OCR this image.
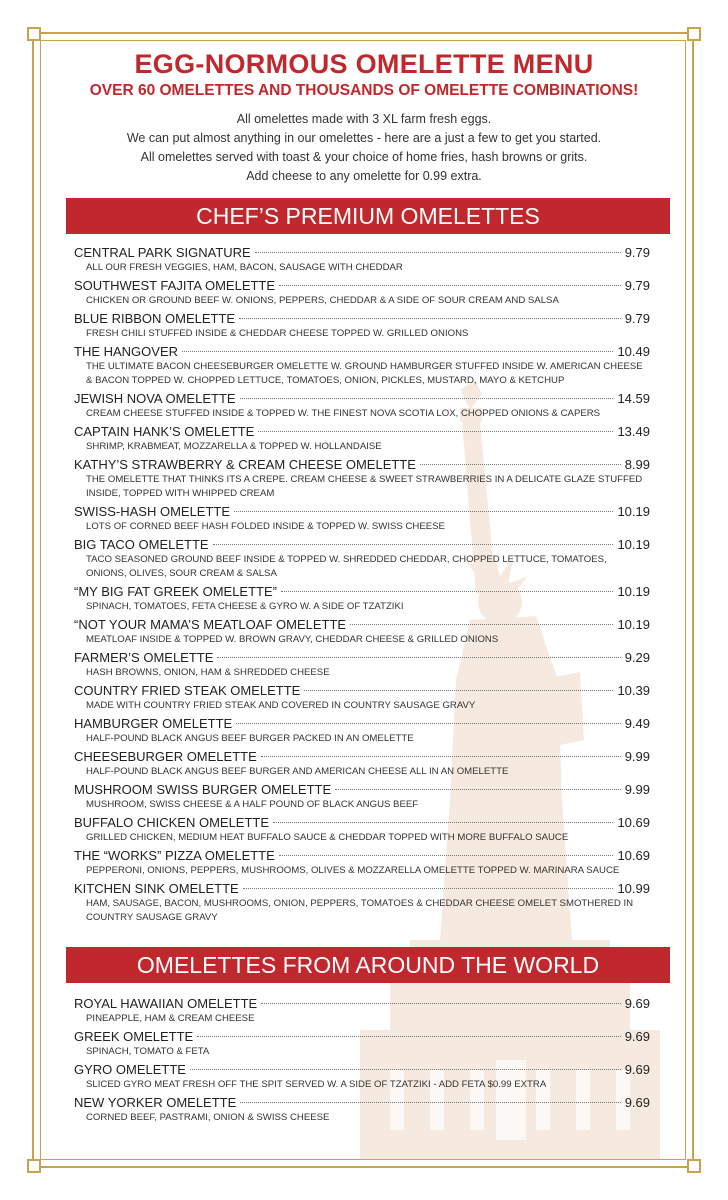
EGG-NORMOUS OMELETTE MENU
OVER 60 OMELETTES AND THOUSANDS OF OMELETTE COMBINATIONS!
All omelettes made with 3 XL farm fresh eggs.
We can put almost anything in our omelettes - here are a just a few to get you started.
All omelettes served with toast & your choice of home fries, hash browns or grits.
Add cheese to any omelette for 0.99 extra.
CHEF’S PREMIUM OMELETTES
CENTRAL PARK SIGNATURE	9.79
ALL OUR FRESH VEGGIES, HAM, BACON, SAUSAGE WITH CHEDDAR
SOUTHWEST FAJITA OMELETTE	9.79
CHICKEN OR GROUND BEEF W. ONIONS, PEPPERS, CHEDDAR & A SIDE OF SOUR CREAM AND SALSA
BLUE RIBBON OMELETTE	9.79
FRESH CHILI STUFFED INSIDE & CHEDDAR CHEESE TOPPED W. GRILLED ONIONS
THE HANGOVER	10.49
THE ULTIMATE BACON CHEESEBURGER OMELETTE W. GROUND HAMBURGER STUFFED INSIDE W. AMERICAN CHEESE & BACON TOPPED W. CHOPPED LETTUCE, TOMATOES, ONION, PICKLES, MUSTARD, MAYO & KETCHUP
JEWISH NOVA OMELETTE	14.59
CREAM CHEESE STUFFED INSIDE & TOPPED W. THE FINEST NOVA SCOTIA LOX, CHOPPED ONIONS & CAPERS
CAPTAIN HANK’S OMELETTE	13.49
SHRIMP, KRABMEAT, MOZZARELLA & TOPPED W. HOLLANDAISE
KATHY’S STRAWBERRY & CREAM CHEESE OMELETTE	8.99
THE OMELETTE THAT THINKS ITS A CREPE. CREAM CHEESE & SWEET STRAWBERRIES IN A DELICATE GLAZE STUFFED INSIDE, TOPPED WITH WHIPPED CREAM
SWISS-HASH OMELETTE	10.19
LOTS OF CORNED BEEF HASH FOLDED INSIDE & TOPPED W. SWISS CHEESE
BIG TACO OMELETTE	10.19
TACO SEASONED GROUND BEEF INSIDE & TOPPED W. SHREDDED CHEDDAR, CHOPPED LETTUCE, TOMATOES, ONIONS, OLIVES, SOUR CREAM & SALSA
“MY BIG FAT GREEK OMELETTE”	10.19
SPINACH, TOMATOES, FETA CHEESE & GYRO W. A SIDE OF TZATZIKI
“NOT YOUR MAMA’S MEATLOAF OMELETTE	10.19
MEATLOAF INSIDE & TOPPED W. BROWN GRAVY, CHEDDAR CHEESE & GRILLED ONIONS
FARMER’S OMELETTE	9.29
HASH BROWNS, ONION, HAM & SHREDDED CHEESE
COUNTRY FRIED STEAK OMELETTE	10.39
MADE WITH COUNTRY FRIED STEAK AND COVERED IN COUNTRY SAUSAGE GRAVY
HAMBURGER OMELETTE	9.49
HALF-POUND BLACK ANGUS BEEF BURGER PACKED IN AN OMELETTE
CHEESEBURGER OMELETTE	9.99
HALF-POUND BLACK ANGUS BEEF BURGER AND AMERICAN CHEESE ALL IN AN OMELETTE
MUSHROOM SWISS BURGER OMELETTE	9.99
MUSHROOM, SWISS CHEESE & A HALF POUND OF BLACK ANGUS BEEF
BUFFALO CHICKEN OMELETTE	10.69
GRILLED CHICKEN, MEDIUM HEAT BUFFALO SAUCE & CHEDDAR TOPPED WITH MORE BUFFALO SAUCE
THE “WORKS” PIZZA OMELETTE	10.69
PEPPERONI, ONIONS, PEPPERS, MUSHROOMS, OLIVES & MOZZARELLA OMELETTE TOPPED W. MARINARA SAUCE
KITCHEN SINK OMELETTE	10.99
HAM, SAUSAGE, BACON, MUSHROOMS, ONION, PEPPERS, TOMATOES & CHEDDAR CHEESE OMELET SMOTHERED IN COUNTRY SAUSAGE GRAVY
OMELETTES FROM AROUND THE WORLD
ROYAL HAWAIIAN OMELETTE	9.69
PINEAPPLE, HAM & CREAM CHEESE
GREEK OMELETTE	9.69
SPINACH, TOMATO & FETA
GYRO OMELETTE	9.69
SLICED GYRO MEAT FRESH OFF THE SPIT SERVED W. A SIDE OF TZATZIKI - ADD FETA $0.99 EXTRA
NEW YORKER OMELETTE	9.69
CORNED BEEF, PASTRAMI, ONION & SWISS CHEESE
